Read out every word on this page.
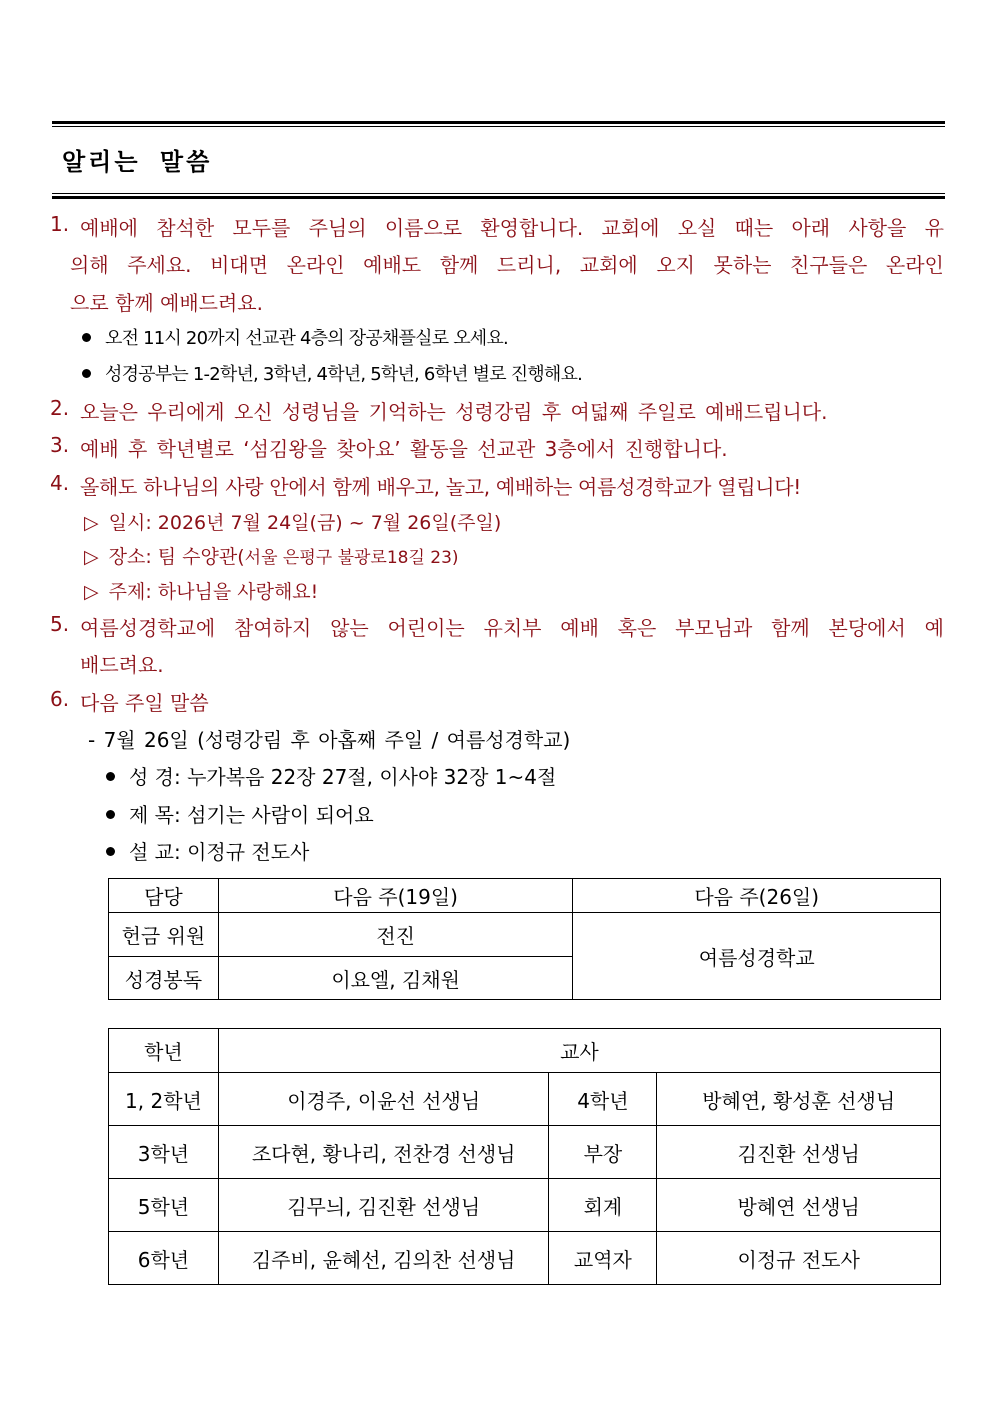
알리는 말씀
1. 예배에 참석한 모두를 주님의 이름으로 환영합니다. 교회에 오실 때는 아래 사항을 유
의해 주세요. 비대면 온라인 예배도 함께 드리니, 교회에 오지 못하는 친구들은 온라인
으로 함께 예배드려요.
오전 11시 20까지 선교관 4층의 장공채플실로 오세요.
성경공부는 1-2학년, 3학년, 4학년, 5학년, 6학년 별로 진행해요.
2. 오늘은 우리에게 오신 성령님을 기억하는 성령강림 후 여덟째 주일로 예배드립니다.
3. 예배 후 학년별로 ‘섬김왕을 찾아요’ 활동을 선교관 3층에서 진행합니다.
4. 올해도 하나님의 사랑 안에서 함께 배우고, 놀고, 예배하는 여름성경학교가 열립니다!
▷ 일시: 2026년 7월 24일(금) ~ 7월 26일(주일)
▷ 장소: 팀 수양관(서울 은평구 불광로18길 23)
▷ 주제: 하나님을 사랑해요!
5. 여름성경학교에 참여하지 않는 어린이는 유치부 예배 혹은 부모님과 함께 본당에서 예
배드려요.
6. 다음 주일 말씀
- 7월 26일 (성령강림 후 아홉째 주일 / 여름성경학교)
성 경: 누가복음 22장 27절, 이사야 32장 1~4절
제 목: 섬기는 사람이 되어요
설 교: 이정규 전도사
담당	다음 주(19일)	다음 주(26일)
헌금 위원	전진	여름성경학교
성경봉독	이요엘, 김채원	
학년	교사		
1, 2학년	이경주, 이윤선 선생님	4학년	방혜연, 황성훈 선생님
3학년	조다현, 황나리, 전찬경 선생님	부장	김진환 선생님
5학년	김무늬, 김진환 선생님	회계	방혜연 선생님
6학년	김주비, 윤혜선, 김의찬 선생님	교역자	이정규 전도사
